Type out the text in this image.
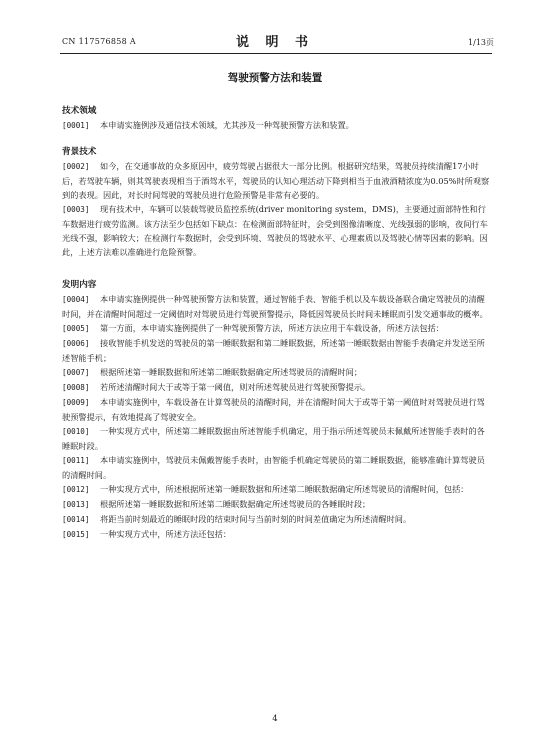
CN 117576858 A	说 明 书	1/13页
驾驶预警方法和装置
技术领域
[0001] 本申请实施例涉及通信技术领域，尤其涉及一种驾驶预警方法和装置。
背景技术
[0002] 如今，在交通事故的众多原因中，疲劳驾驶占据很大一部分比例。根据研究结果，驾驶员持续清醒17小时后，若驾驶车辆，则其驾驶表现相当于酒驾水平，驾驶员的认知心理活动下降到相当于血液酒精浓度为0.05%时所观察到的表现。因此，对长时间驾驶的驾驶员进行危险预警是非常有必要的。
[0003] 现有技术中，车辆可以装载驾驶员监控系统(driver monitoring system，DMS)，主要通过面部特性和行车数据进行疲劳监测。该方法至少包括如下缺点：在检测面部特征时，会受到图像清晰度、光线强弱的影响，夜间行车光线不强，影响较大；在检测行车数据时，会受到环境、驾驶员的驾驶水平、心理素质以及驾驶心情等因素的影响。因此，上述方法难以准确进行危险预警。
发明内容
[0004] 本申请实施例提供一种驾驶预警方法和装置，通过智能手表、智能手机以及车载设备联合确定驾驶员的清醒时间，并在清醒时间超过一定阈值时对驾驶员进行驾驶预警提示，降低因驾驶员长时间未睡眠而引发交通事故的概率。
[0005] 第一方面，本申请实施例提供了一种驾驶预警方法，所述方法应用于车载设备，所述方法包括：
[0006] 接收智能手机发送的驾驶员的第一睡眠数据和第二睡眠数据，所述第一睡眠数据由智能手表确定并发送至所述智能手机；
[0007] 根据所述第一睡眠数据和所述第二睡眠数据确定所述驾驶员的清醒时间；
[0008] 若所述清醒时间大于或等于第一阈值，则对所述驾驶员进行驾驶预警提示。
[0009] 本申请实施例中，车载设备在计算驾驶员的清醒时间，并在清醒时间大于或等于第一阈值时对驾驶员进行驾驶预警提示，有效地提高了驾驶安全。
[0010] 一种实现方式中，所述第二睡眠数据由所述智能手机确定，用于指示所述驾驶员未佩戴所述智能手表时的各睡眠时段。
[0011] 本申请实施例中，驾驶员未佩戴智能手表时，由智能手机确定驾驶员的第二睡眠数据，能够准确计算驾驶员的清醒时间。
[0012] 一种实现方式中，所述根据所述第一睡眠数据和所述第二睡眠数据确定所述驾驶员的清醒时间，包括：
[0013] 根据所述第一睡眠数据和所述第二睡眠数据确定所述驾驶员的各睡眠时段；
[0014] 将距当前时刻最近的睡眠时段的结束时间与当前时刻的时间差值确定为所述清醒时间。
[0015] 一种实现方式中，所述方法还包括：
4
